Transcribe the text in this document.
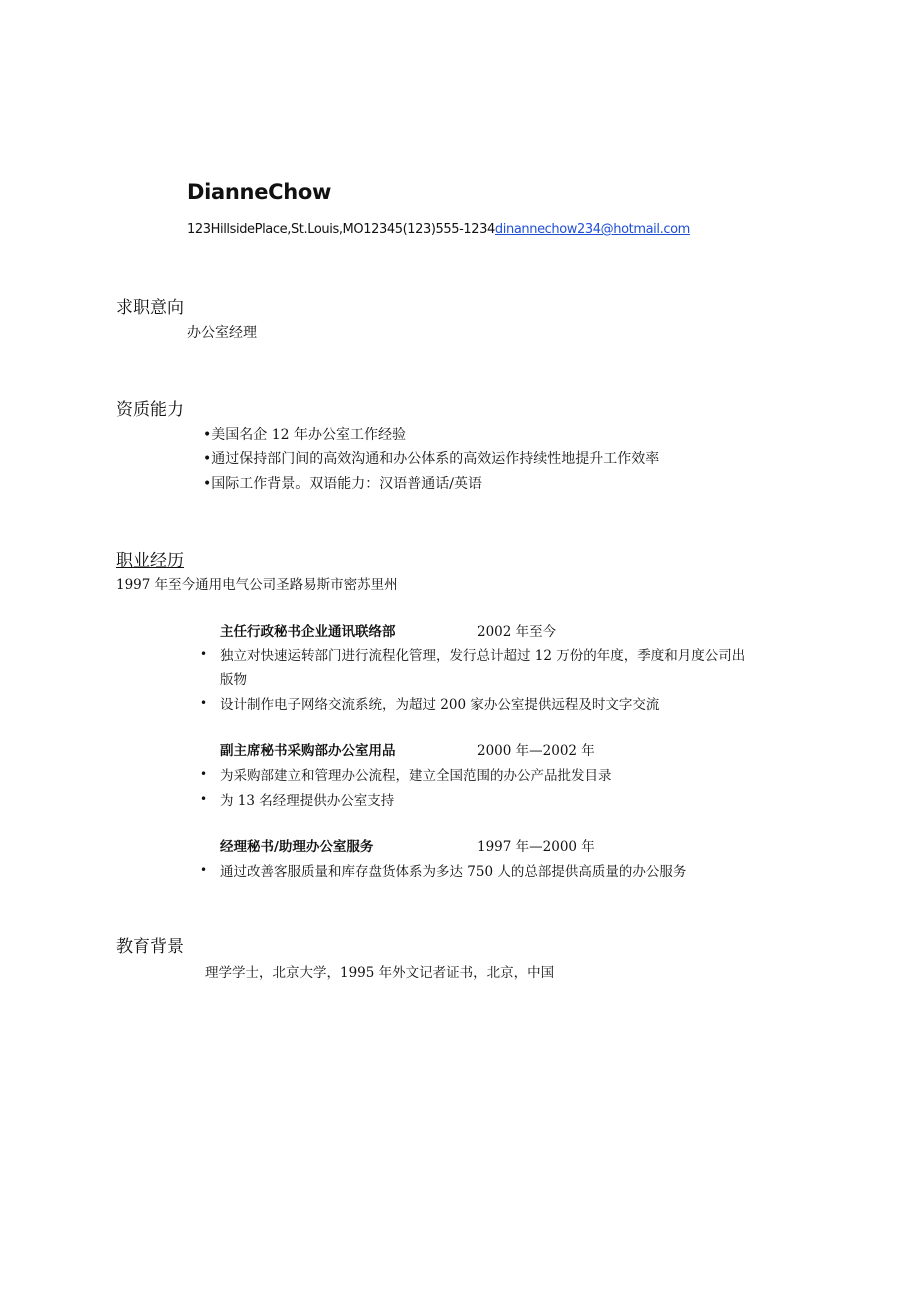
DianneChow
123HillsidePlace,St.Louis,MO12345(123)555-1234dinannechow234@hotmail.com
求职意向
办公室经理
资质能力
•美国名企 12 年办公室工作经验
•通过保持部门间的高效沟通和办公体系的高效运作持续性地提升工作效率
•国际工作背景。双语能力：汉语普通话/英语
职业经历
1997 年至今通用电气公司圣路易斯市密苏里州
主任行政秘书企业通讯联络部	2002 年至今
• 独立对快速运转部门进行流程化管理，发行总计超过 12 万份的年度，季度和月度公司出
版物
• 设计制作电子网络交流系统，为超过 200 家办公室提供远程及时文字交流
副主席秘书采购部办公室用品	2000 年—2002 年
• 为采购部建立和管理办公流程，建立全国范围的办公产品批发目录
• 为 13 名经理提供办公室支持
经理秘书/助理办公室服务	1997 年—2000 年
• 通过改善客服质量和库存盘货体系为多达 750 人的总部提供高质量的办公服务
教育背景
理学学士，北京大学，1995 年外文记者证书，北京，中国
